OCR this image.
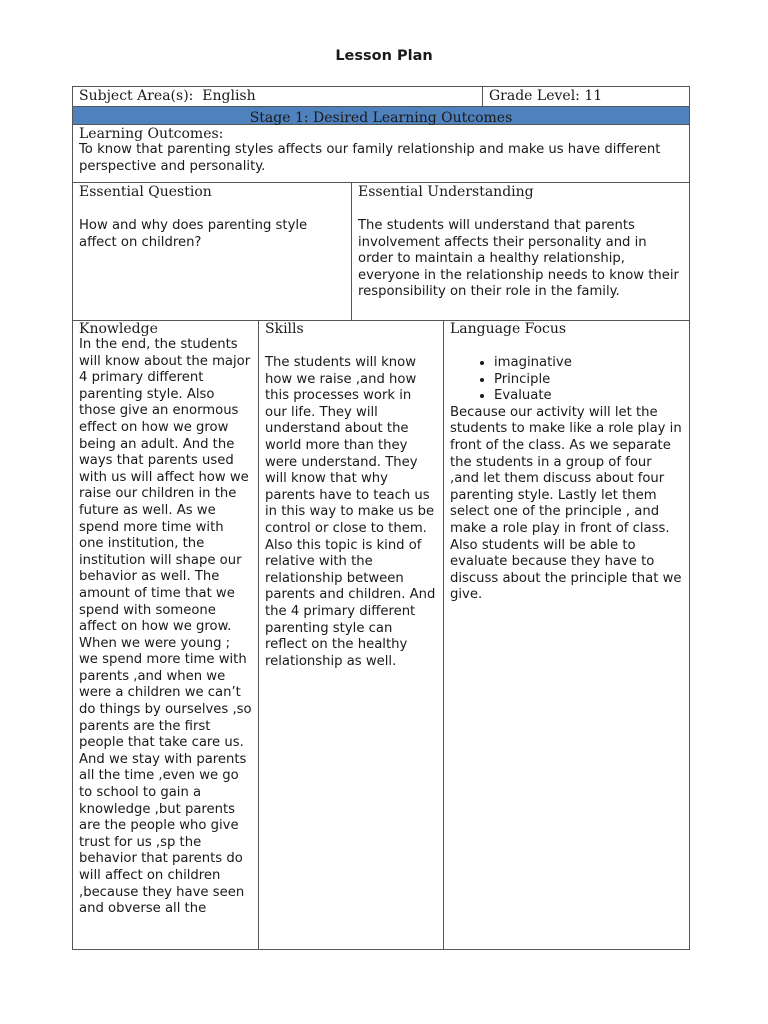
Lesson Plan
Subject Area(s):  English	Grade Level: 11
Stage 1: Desired Learning Outcomes
Learning Outcomes:
To know that parenting styles affects our family relationship and make us have different perspective and personality.
Essential Question
How and why does parenting style affect on children?
Essential Understanding
The students will understand that parents involvement affects their personality and in order to maintain a healthy relationship, everyone in the relationship needs to know their responsibility on their role in the family.
Knowledge
In the end, the students will know about the major 4 primary different parenting style. Also those give an enormous effect on how we grow being an adult. And the ways that parents used with us will affect how we raise our children in the future as well. As we spend more time with one institution, the institution will shape our behavior as well. The amount of time that we spend with someone affect on how we grow. When we were young ; we spend more time with parents ,and when we were a children we can’t do things by ourselves ,so parents are the first people that take care us. And we stay with parents all the time ,even we go to school to gain a knowledge ,but parents are the people who give trust for us ,sp the behavior that parents do will affect on children ,because they have seen and obverse all the
Skills
The students will know how we raise ,and how this processes work in our life. They will understand about the world more than they were understand. They will know that why parents have to teach us in this way to make us be control or close to them. Also this topic is kind of relative with the relationship between parents and children. And the 4 primary different parenting style can reflect on the healthy relationship as well.
Language Focus
• imaginative
• Principle
• Evaluate
Because our activity will let the students to make like a role play in front of the class. As we separate the students in a group of four ,and let them discuss about four parenting style. Lastly let them select one of the principle , and make a role play in front of class. Also students will be able to evaluate because they have to discuss about the principle that we give.
